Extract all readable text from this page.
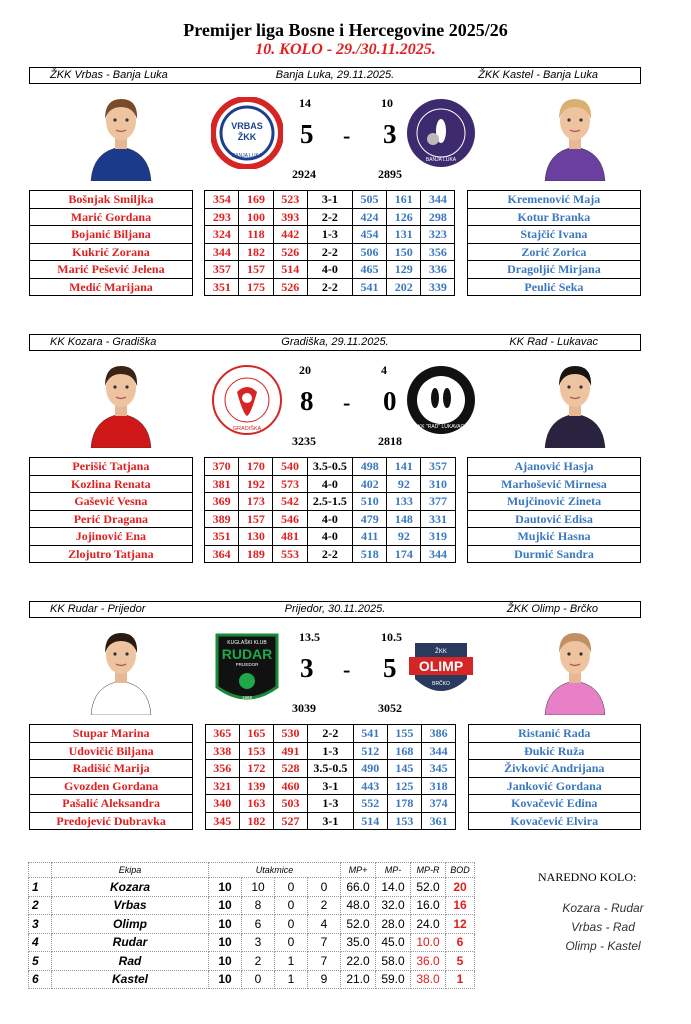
Premijer liga Bosne i Hercegovine 2025/26
10. KOLO - 29./30.11.2025.
Banja Luka, 29.11.2025.
ŽKK Vrbas - Banja Luka	ŽKK Kastel - Banja Luka
VRBAS
ŽKK
BANJA LUKA
BANJA LUKA
14	10
5 - 3
2924	2895
Bošnjak Smiljka		354	169	523	3-1	505	161	344		Kremenović Maja
Marić Gordana		293	100	393	2-2	424	126	298		Kotur Branka
Bojanić Biljana		324	118	442	1-3	454	131	323		Stajčić Ivana
Kukrić Zorana		344	182	526	2-2	506	150	356		Zorić Zorica
Marić Pešević Jelena		357	157	514	4-0	465	129	336		Dragoljić Mirjana
Medić Marijana		351	175	526	2-2	541	202	339		Peulić Seka
Gradiška, 29.11.2025.
KK Kozara - Gradiška	KK Rad - Lukavac
GRADIŠKA	KK "RAD" LUKAVAC
20	4
8 - 0
3235	2818
Perišić Tatjana		370	170	540	3.5-0.5	498	141	357		Ajanović Hasja
Kozlina Renata		381	192	573	4-0	402	92	310		Marhošević Mirnesa
Gašević Vesna		369	173	542	2.5-1.5	510	133	377		Mujčinović Zineta
Perić Dragana		389	157	546	4-0	479	148	331		Dautović Edisa
Jojinović Ena		351	130	481	4-0	411	92	319		Mujkić Hasna
Zlojutro Tatjana		364	189	553	2-2	518	174	344		Durmić Sandra
Prijedor, 30.11.2025.
KK Rudar - Prijedor	ŽKK Olimp - Brčko
KUGLAŠKI KLUB
RUDAR
PRIJEDOR
1969
OLIMP
ŽKK
BRČKO
13.5	10.5
3 - 5
3039	3052
Stupar Marina		365	165	530	2-2	541	155	386		Ristanić Rada
Udovičić Biljana		338	153	491	1-3	512	168	344		Đukić Ruža
Radišić Marija		356	172	528	3.5-0.5	490	145	345		Živković Andrijana
Gvozden Gordana		321	139	460	3-1	443	125	318		Janković Gordana
Pašalić Aleksandra		340	163	503	1-3	552	178	374		Kovačević Edina
Predojević Dubravka		345	182	527	3-1	514	153	361		Kovačević Elvira
	Ekipa	Utakmice				MP+	MP-	MP-R	BOD
1	Kozara	10	10	0	0	66.0	14.0	52.0	20
2	Vrbas	10	8	0	2	48.0	32.0	16.0	16
3	Olimp	10	6	0	4	52.0	28.0	24.0	12
4	Rudar	10	3	0	7	35.0	45.0	10.0	6
5	Rad	10	2	1	7	22.0	58.0	36.0	5
6	Kastel	10	0	1	9	21.0	59.0	38.0	1
NAREDNO KOLO:
Kozara - Rudar
Vrbas - Rad
Olimp - Kastel
